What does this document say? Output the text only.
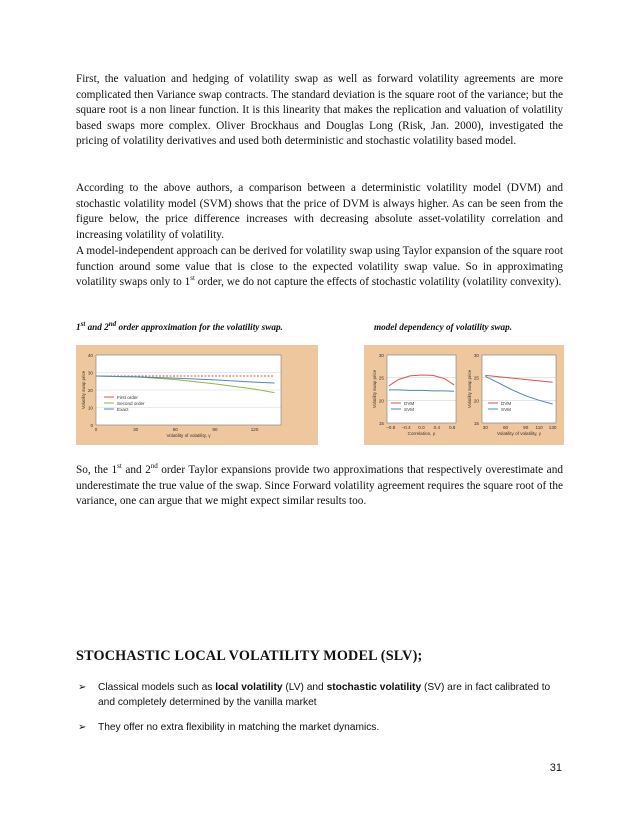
First, the valuation and hedging of volatility swap as well as forward volatility agreements are more complicated then Variance swap contracts. The standard deviation is the square root of the variance; but the square root is a non linear function. It is this linearity that makes the replication and valuation of volatility based swaps more complex. Oliver Brockhaus and Douglas Long (Risk, Jan. 2000), investigated the pricing of volatility derivatives and used both deterministic and stochastic volatility based model.

According to the above authors, a comparison between a deterministic volatility model (DVM) and stochastic volatility model (SVM) shows that the price of DVM is always higher. As can be seen from the figure below, the price difference increases with decreasing absolute asset-volatility correlation and increasing volatility of volatility.

A model-independent approach can be derived for volatility swap using Taylor expansion of the square root function around some value that is close to the expected volatility swap value. So in approximating volatility swaps only to 1st order, we do not capture the effects of stochastic volatility (volatility convexity).

1st and 2nd order approximation for the volatility swap.	model dependency of volatility swap.
0
10
20
30
40
0	30	60	90	120
Volatility of volatility, γ
Volatility swap price	First order
Second order
Exact
15
20
25
30
–0.8 –0.4 0.0 0.4 0.8
Correlation, ρ
Volatility swap price	DVM
SVM
15
20
25
30
30	60	90 110 130
Volatility of volatility, γ
Volatility swap price	DVM
SVM

So, the 1st and 2nd order Taylor expansions provide two approximations that respectively overestimate and underestimate the true value of the swap. Since Forward volatility agreement requires the square root of the variance, one can argue that we might expect similar results too.

STOCHASTIC LOCAL VOLATILITY MODEL (SLV);
➢ Classical models such as local volatility (LV) and stochastic volatility (SV) are in fact calibrated to and completely determined by the vanilla market
➢ They offer no extra flexibility in matching the market dynamics.
31
